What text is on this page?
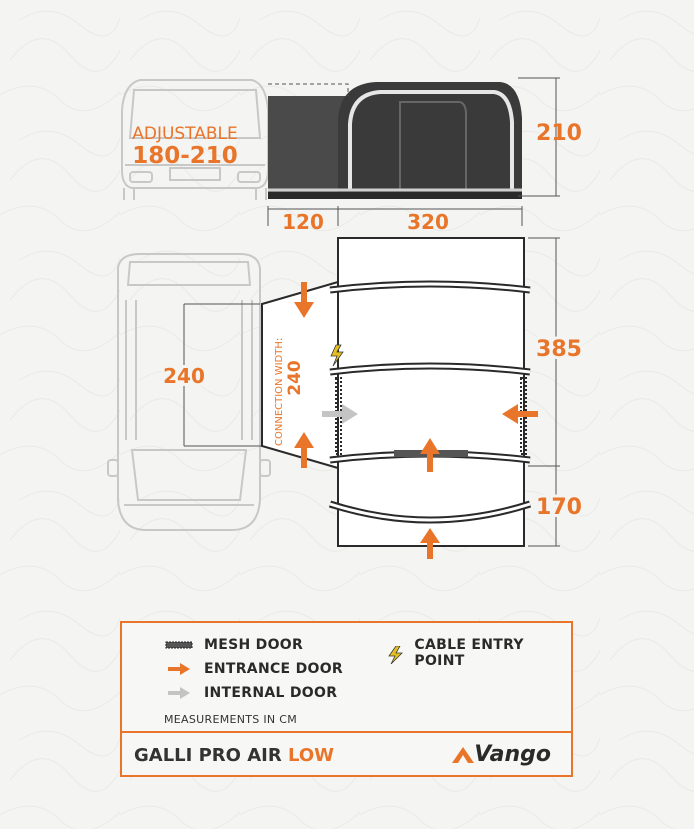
ADJUSTABLE
180-210
210
120	320
240	CONNECTION WIDTH: 240
385
170
MESH DOOR
ENTRANCE DOOR
INTERNAL DOOR
CABLE ENTRY POINT
MEASUREMENTS IN CM
GALLI PRO AIR LOW	Vango
